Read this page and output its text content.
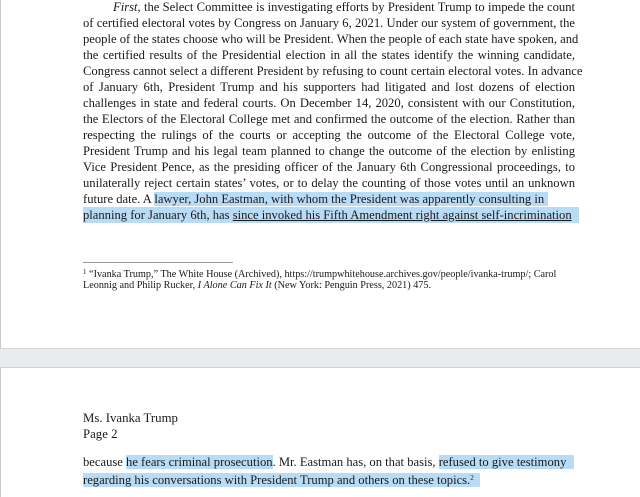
First, the Select Committee is investigating efforts by President Trump to impede the count
of certified electoral votes by Congress on January 6, 2021. Under our system of government, the
people of the states choose who will be President. When the people of each state have spoken, and
the certified results of the Presidential election in all the states identify the winning candidate,
Congress cannot select a different President by refusing to count certain electoral votes. In advance
of January 6th, President Trump and his supporters had litigated and lost dozens of election
challenges in state and federal courts. On December 14, 2020, consistent with our Constitution,
the Electors of the Electoral College met and confirmed the outcome of the election. Rather than
respecting the rulings of the courts or accepting the outcome of the Electoral College vote,
President Trump and his legal team planned to change the outcome of the election by enlisting
Vice President Pence, as the presiding officer of the January 6th Congressional proceedings, to
unilaterally reject certain states’ votes, or to delay the counting of those votes until an unknown
future date. A lawyer, John Eastman, with whom the President was apparently consulting in
planning for January 6th, has since invoked his Fifth Amendment right against self-incrimination
$^1$ “Ivanka Trump,” The White House (Archived), https://trumpwhitehouse.archives.gov/people/ivanka-trump/; Carol
Leonnig and Philip Rucker, I Alone Can Fix It (New York: Penguin Press, 2021) 475.
Ms. Ivanka Trump
Page 2
because he fears criminal prosecution. Mr. Eastman has, on that basis, refused to give testimony
regarding his conversations with President Trump and others on these topics.$^2$
